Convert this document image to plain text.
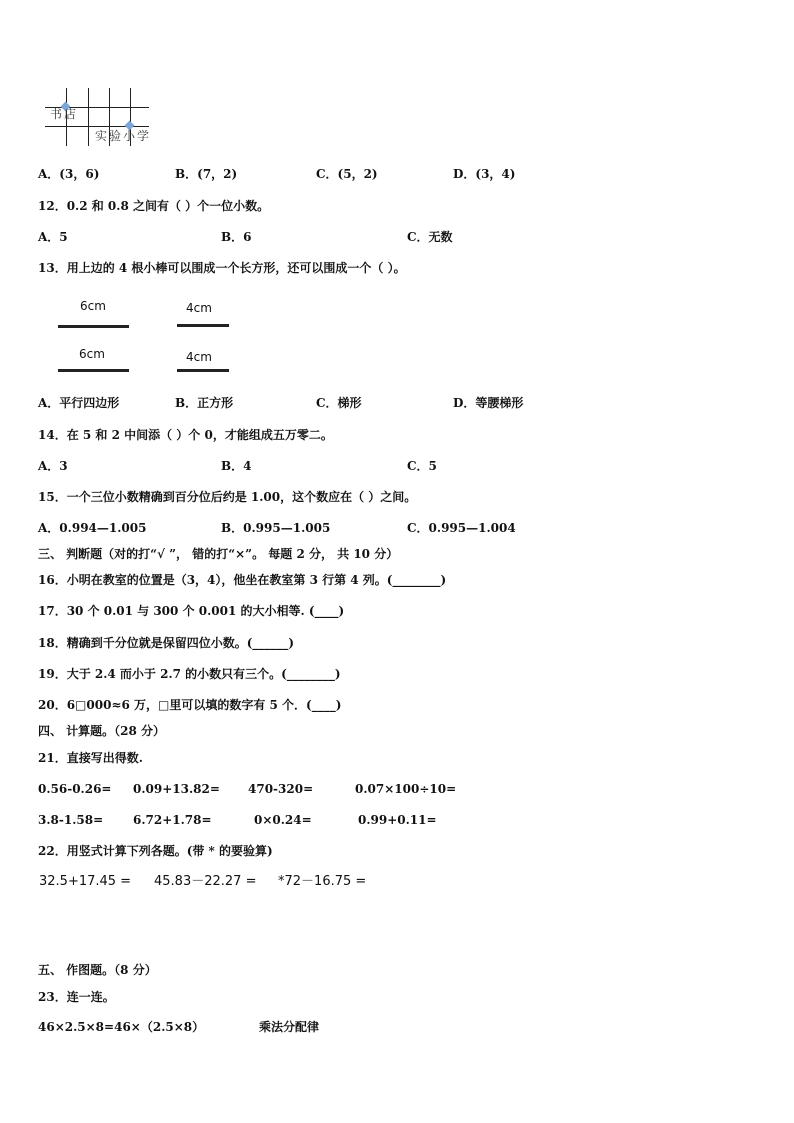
书店
实验小学
A．(3，6)	B．(7，2)	C．(5，2)	D．(3，4)
12．0.2 和 0.8 之间有（ ）个一位小数。
A．5	B．6	C．无数
13．用上边的 4 根小棒可以围成一个长方形，还可以围成一个（ ）。
6cm	4cm
6cm	4cm
A．平行四边形	B．正方形	C．梯形	D．等腰梯形
14．在 5 和 2 中间添（ ）个 0，才能组成五万零二。
A．3	B．4	C．5
15．一个三位小数精确到百分位后约是 1.00，这个数应在（ ）之间。
A．0.994—1.005	B．0.995—1.005	C．0.995—1.004
三、 判断题（对的打“√ ”， 错的打“×”。 每题 2 分， 共 10 分）
16．小明在教室的位置是（3，4），他坐在教室第 3 行第 4 列。(________)
17．30 个 0.01 与 300 个 0.001 的大小相等. (____)
18．精确到千分位就是保留四位小数。(______)
19．大于 2.4 而小于 2.7 的小数只有三个。(________)
20．6□000≈6 万，□里可以填的数字有 5 个．(____)
四、 计算题。（28 分）
21．直接写出得数.
0.56-0.26= 0.09+13.82= 470-320=	0.07×100÷10=
3.8-1.58= 6.72+1.78=	0×0.24=	0.99+0.11=
22．用竖式计算下列各题。(带 * 的要验算)
32.5+17.45 = 45.83－22.27 = *72－16.75 =
五、 作图题。（8 分）
23．连一连。
46×2.5×8=46×（2.5×8）	乘法分配律
